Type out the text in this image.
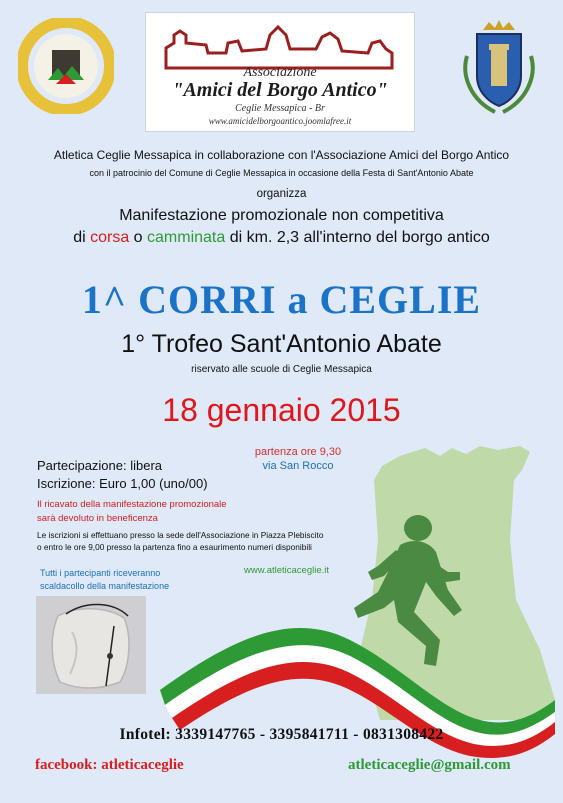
Associazione
"Amici del Borgo Antico"
Ceglie Messapica - Br
www.amicidelborgoantico.joomlafree.it
Atletica Ceglie Messapica in collaborazione con l'Associazione Amici del Borgo Antico
con il patrocinio del Comune di Ceglie Messapica in occasione della Festa di Sant'Antonio Abate
organizza
Manifestazione promozionale non competitiva
di corsa o camminata di km. 2,3 all'interno del borgo antico
1^ CORRI a CEGLIE
1° Trofeo Sant'Antonio Abate
riservato alle scuole di Ceglie Messapica
18 gennaio 2015
partenza ore 9,30
via San Rocco
Partecipazione: libera
Iscrizione: Euro 1,00 (uno/00)
Il ricavato della manifestazione promozionale
sarà devoluto in beneficenza
Le iscrizioni si effettuano presso la sede dell'Associazione in Piazza Plebiscito
o entro le ore 9,00 presso la partenza fino a esaurimento numeri disponibili
www.atleticaceglie.it
Tutti i partecipanti riceveranno
scaldacollo della manifestazione
Infotel: 3339147765 - 3395841711 - 0831308422
facebook: atleticaceglie	atleticaceglie@gmail.com
